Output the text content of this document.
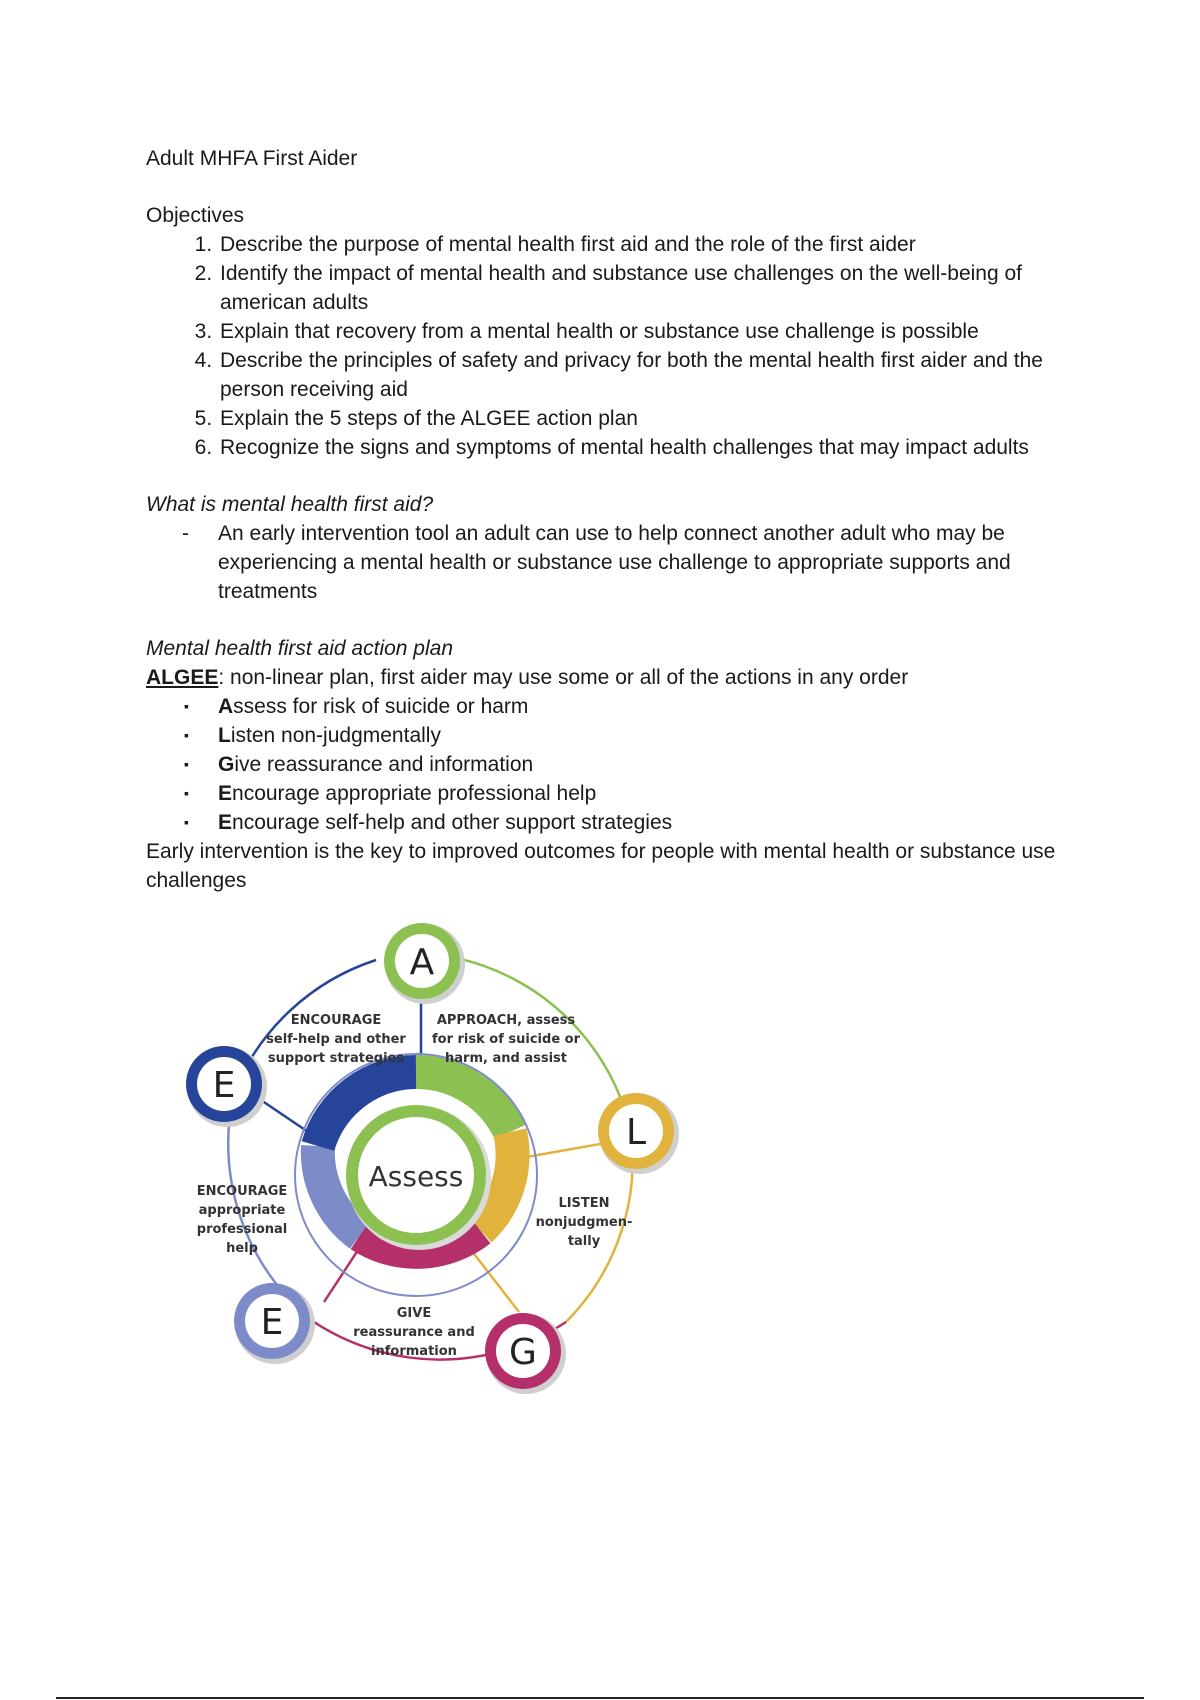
Adult MHFA First Aider

Objectives

1. Describe the purpose of mental health first aid and the role of the first aider
2. Identify the impact of mental health and substance use challenges on the well-being of american adults
3. Explain that recovery from a mental health or substance use challenge is possible
4. Describe the principles of safety and privacy for both the mental health first aider and the person receiving aid
5. Explain the 5 steps of the ALGEE action plan
6. Recognize the signs and symptoms of mental health challenges that may impact adults

What is mental health first aid?

- An early intervention tool an adult can use to help connect another adult who may be experiencing a mental health or substance use challenge to appropriate supports and treatments

Mental health first aid action plan

ALGEE: non-linear plan, first aider may use some or all of the actions in any order

▪ Assess for risk of suicide or harm
▪ Listen non-judgmentally
▪ Give reassurance and information
▪ Encourage appropriate professional help
▪ Encourage self-help and other support strategies

Early intervention is the key to improved outcomes for people with mental health or substance use challenges

Assess
A
L
G
E
E
APPROACH, assess
for risk of suicide or
harm, and assist
LISTEN
nonjudgmen-
tally
GIVE
reassurance and
information
ENCOURAGE
appropriate
professional
help
ENCOURAGE
self-help and other
support strategies
